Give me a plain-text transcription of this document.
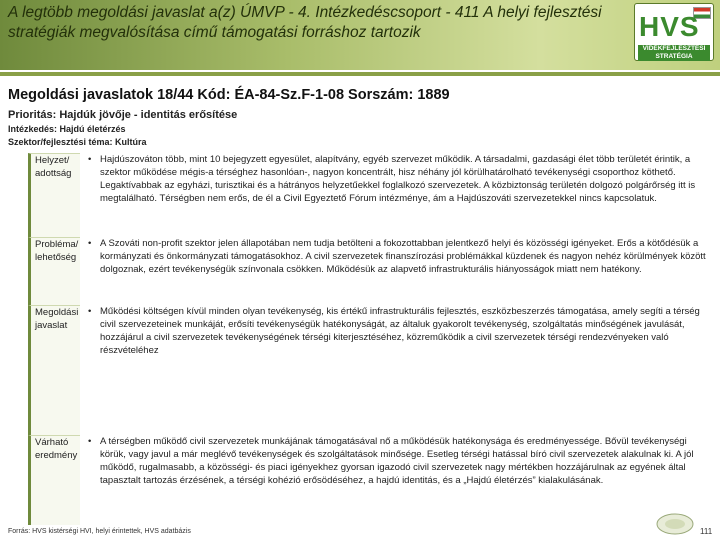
A legtöbb megoldási javaslat a(z) ÚMVP - 4. Intézkedéscsoport - 411 A helyi fejlesztési stratégiák megvalósítása című támogatási forráshoz tartozik	HVS
VIDÉKFEJLESZTÉSI STRATÉGIA
Megoldási javaslatok 18/44 Kód: ÉA-84-Sz.F-1-08 Sorszám: 1889
Prioritás: Hajdúk jövője - identitás erősítése
Intézkedés: Hajdú életérzés
Szektor/fejlesztési téma: Kultúra
Helyzet/ adottság
• Hajdúszováton több, mint 10 bejegyzett egyesület, alapítvány, egyéb szervezet működik. A társadalmi, gazdasági élet több területét érintik, a szektor működése mégis-a térséghez hasonlóan-, nagyon koncentrált, hisz néhány jól körülhatárolható tevékenységi csoporthoz köthető. Legaktívabbak az egyházi, turisztikai és a hátrányos helyzetűekkel foglalkozó szervezetek. A közbiztonság területén dolgozó polgárőrség itt is megtalálható. Térségben nem erős, de él a Civil Egyeztető Fórum intézménye, ám a Hajdúszováti szervezetekkel nincs kapcsolatuk.
Probléma/ lehetőség
• A Szováti non-profit szektor jelen állapotában nem tudja betölteni a fokozottabban jelentkező helyi és közösségi igényeket. Erős a kötődésük a kormányzati és önkormányzati támogatásokhoz. A civil szervezetek finanszírozási problémákkal küzdenek és nagyon nehéz körülmények között dolgoznak, ezért tevékenységük színvonala csökken. Működésük az alapvető infrastrukturális hiányosságok miatt nem hatékony.
Megoldási javaslat
• Működési költségen kívül minden olyan tevékenység, kis értékű infrastrukturális fejlesztés, eszközbeszerzés támogatása, amely segíti a térség civil szervezeteinek munkáját, erősíti tevékenységük hatékonyságát, az általuk gyakorolt tevékenység, szolgáltatás minőségének javulását, hozzájárul a civil szervezetek tevékenységének térségi kiterjesztéséhez, közreműködik a civil szervezetek térségi rendezvényeken való részvételéhez
Várható eredmény
• A térségben működő civil szervezetek munkájának támogatásával nő a működésük hatékonysága és eredményessége. Bővül tevékenységi körük, vagy javul a már meglévő tevékenységek és szolgáltatások minősége. Esetleg térségi hatással bíró civil szervezetek alakulnak ki. A jól működő, rugalmasabb, a közösségi- és piaci igényekhez gyorsan igazodó civil szervezetek nagy mértékben hozzájárulnak az egyének által tapasztalt tartozás érzésének, a térségi kohézió erősödéséhez, a hajdú identitás, és a „Hajdú életérzés” kialakulásának.
Forrás: HVS kistérségi HVI, helyi érintettek, HVS adatbázis	111
